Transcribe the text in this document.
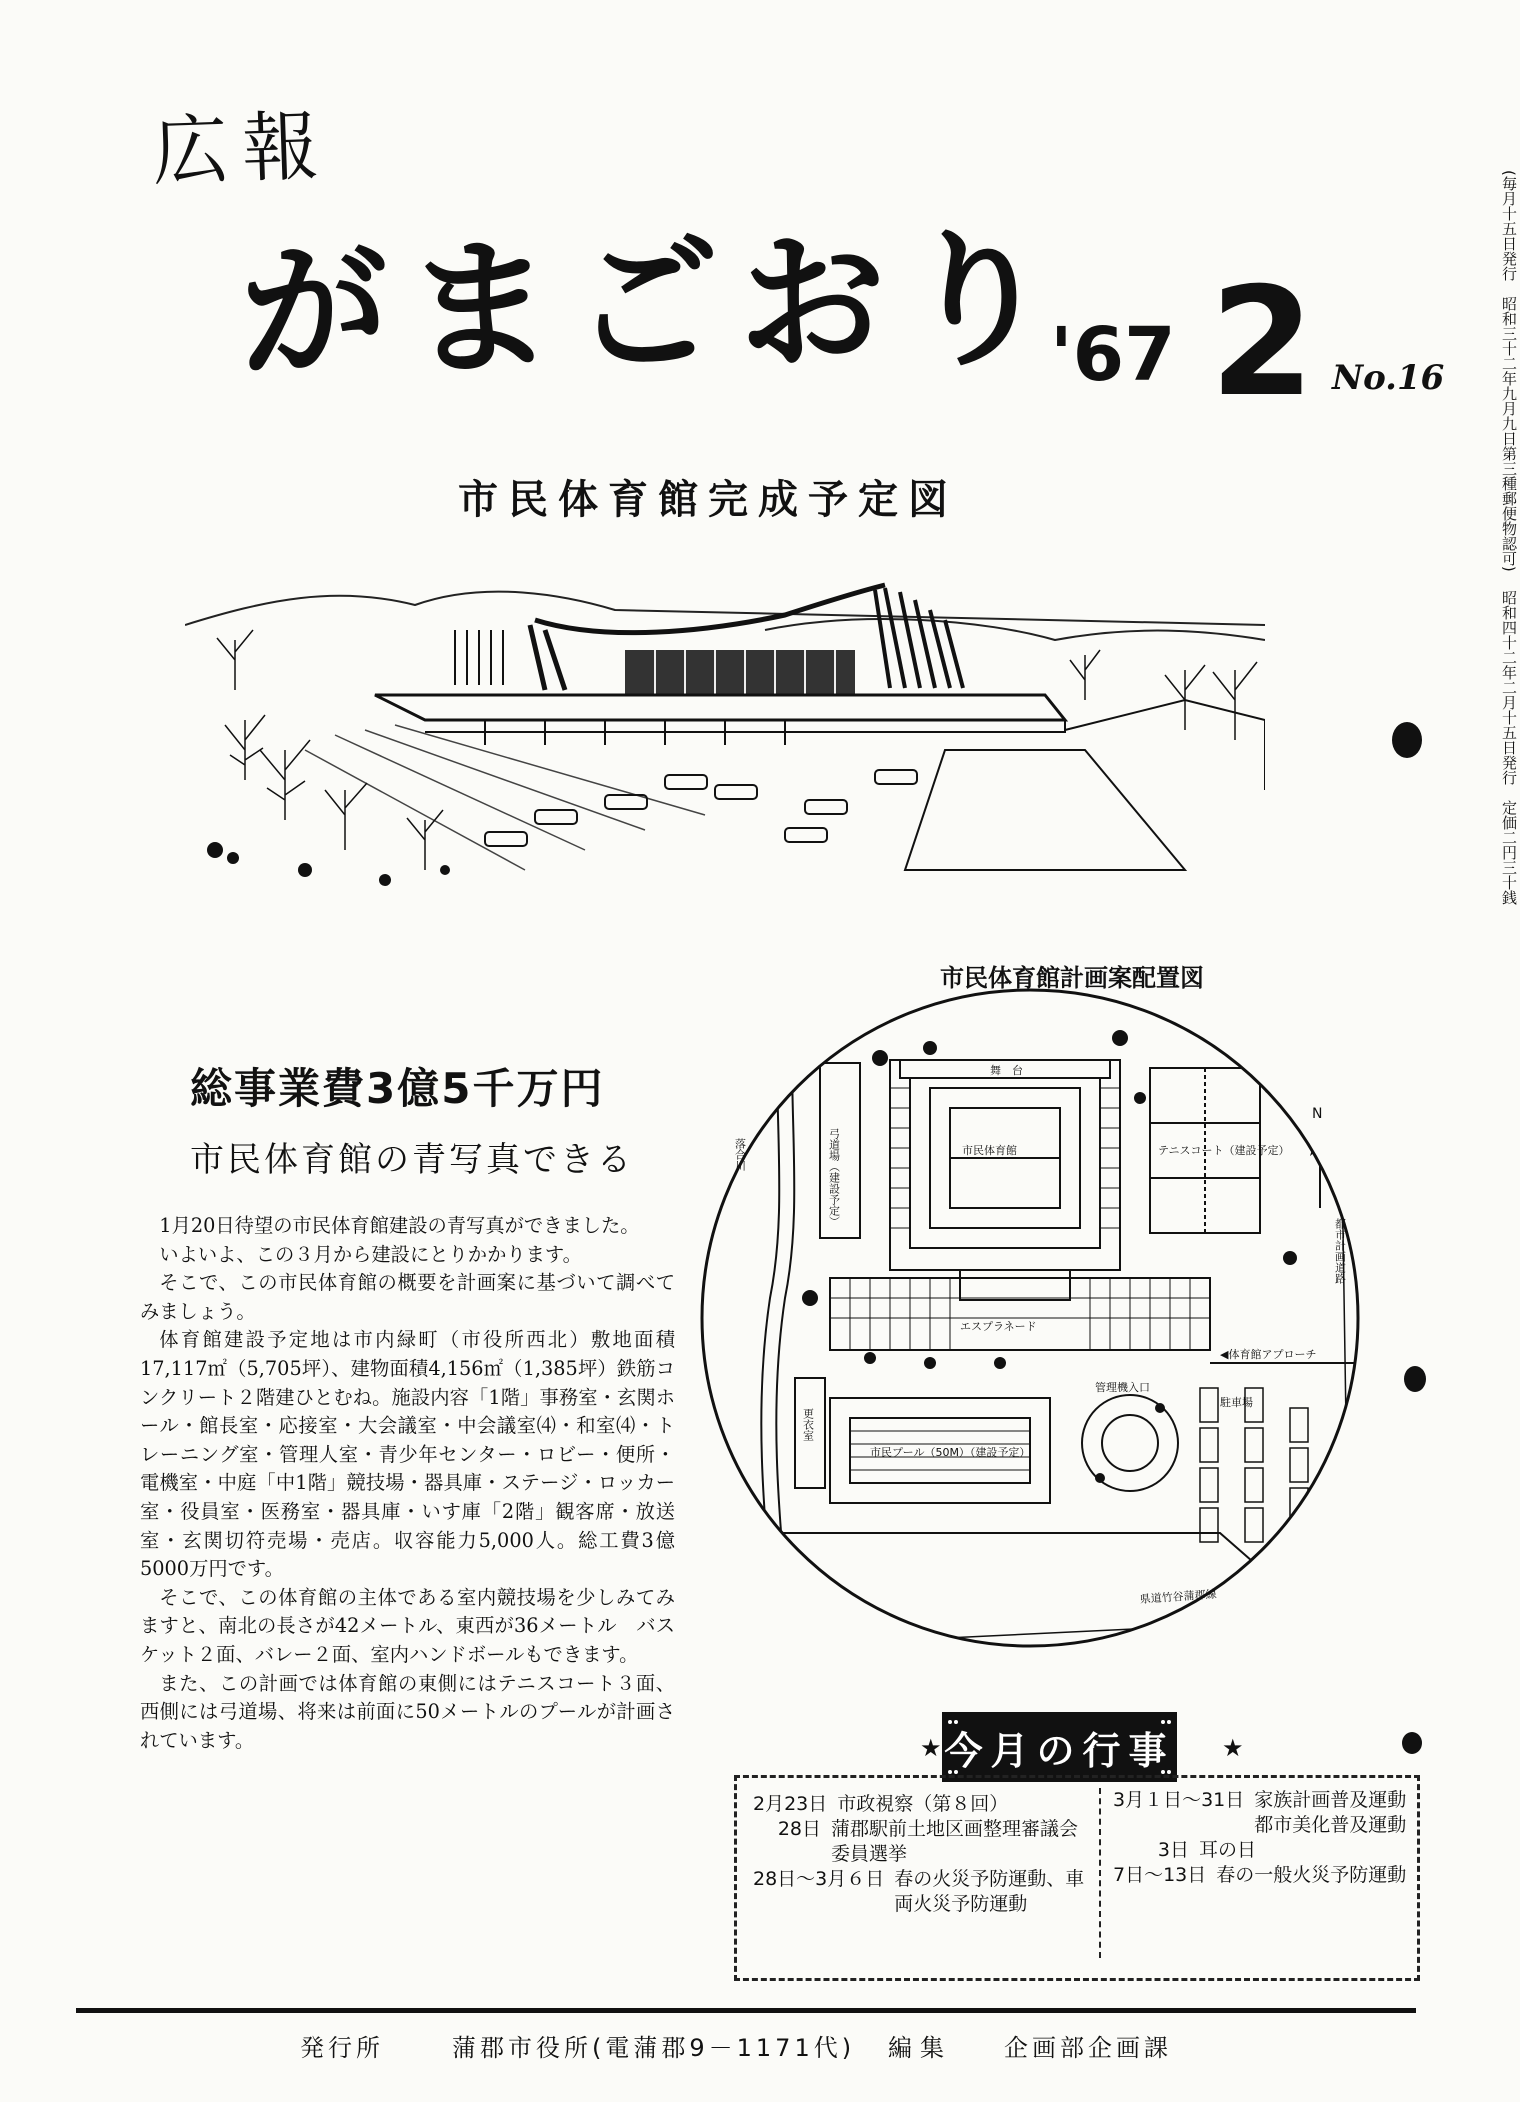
広報
がまごおり
'67 2 No.16	(毎月十五日発行　昭和三十二年九月九日第三種郵便物認可)
昭和四十二年二月十五日発行　定価二円三十銭
市民体育館完成予定図
市民体育館計画案配置図
舞　台
市民体育館	テニスコート（建設予定）
弓道場（建設予定）
落合川
エスプラネード
◀体育館アプローチ
都市計画道路
市民プール（50M）（建設予定）
更衣室
管理機入口
駐車場
県道竹谷蒲郡線
N
総事業費3億5千万円
市民体育館の青写真できる

1月20日待望の市民体育館建設の青写真ができました。

いよいよ、この３月から建設にとりかかります。

そこで、この市民体育館の概要を計画案に基づいて調べてみましょう。

体育館建設予定地は市内緑町（市役所西北）敷地面積17,117㎡（5,705坪）、建物面積4,156㎡（1,385坪）鉄筋コンクリート２階建ひとむね。施設内容「1階」事務室・玄関ホール・館長室・応接室・大会議室・中会議室⑷・和室⑷・トレーニング室・管理人室・青少年センター・ロビー・便所・電機室・中庭「中1階」競技場・器具庫・ステージ・ロッカー室・役員室・医務室・器具庫・いす庫「2階」観客席・放送室・玄関切符売場・売店。収容能力5,000人。総工費3億5000万円です。

そこで、この体育館の主体である室内競技場を少しみてみますと、南北の長さが42メートル、東西が36メートル　バスケット２面、バレー２面、室内ハンドボールもできます。

また、この計画では体育館の東側にはテニスコート３面、西側には弓道場、将来は前面に50メートルのプールが計画されています。	★	★
今月の行事
2月23日 市政視察（第８回）
28日 蒲郡駅前土地区画整理審議会委員選挙
28日～3月６日 春の火災予防運動、車両火災予防運動
3月１日～31日 家族計画普及運動　都市美化普及運動
3日 耳の日
7日～13日 春の一般火災予防運動
発行所	蒲郡市役所(電蒲郡9－1171代) 編集 企画部企画課
